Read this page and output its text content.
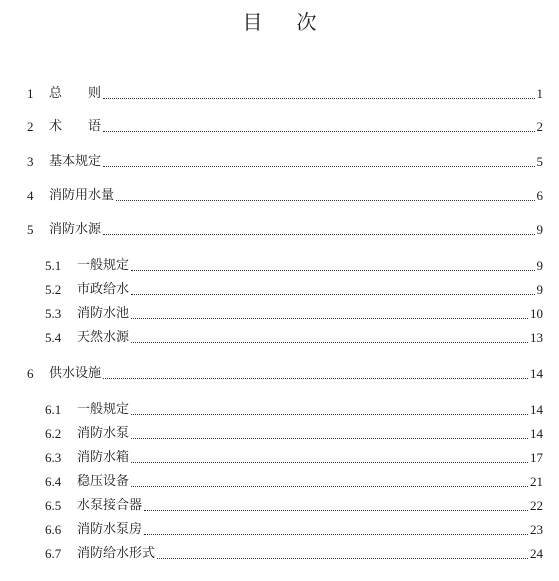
目 次
1	总　　则	1
2	术　　语	2
3	基本规定	5
4	消防用水量	6
5	消防水源	9
5.1	一般规定	9
5.2	市政给水	9
5.3	消防水池	10
5.4	天然水源	13
6	供水设施	14
6.1	一般规定	14
6.2	消防水泵	14
6.3	消防水箱	17
6.4	稳压设备	21
6.5	水泵接合器	22
6.6	消防水泵房	23
6.7	消防给水形式	24
